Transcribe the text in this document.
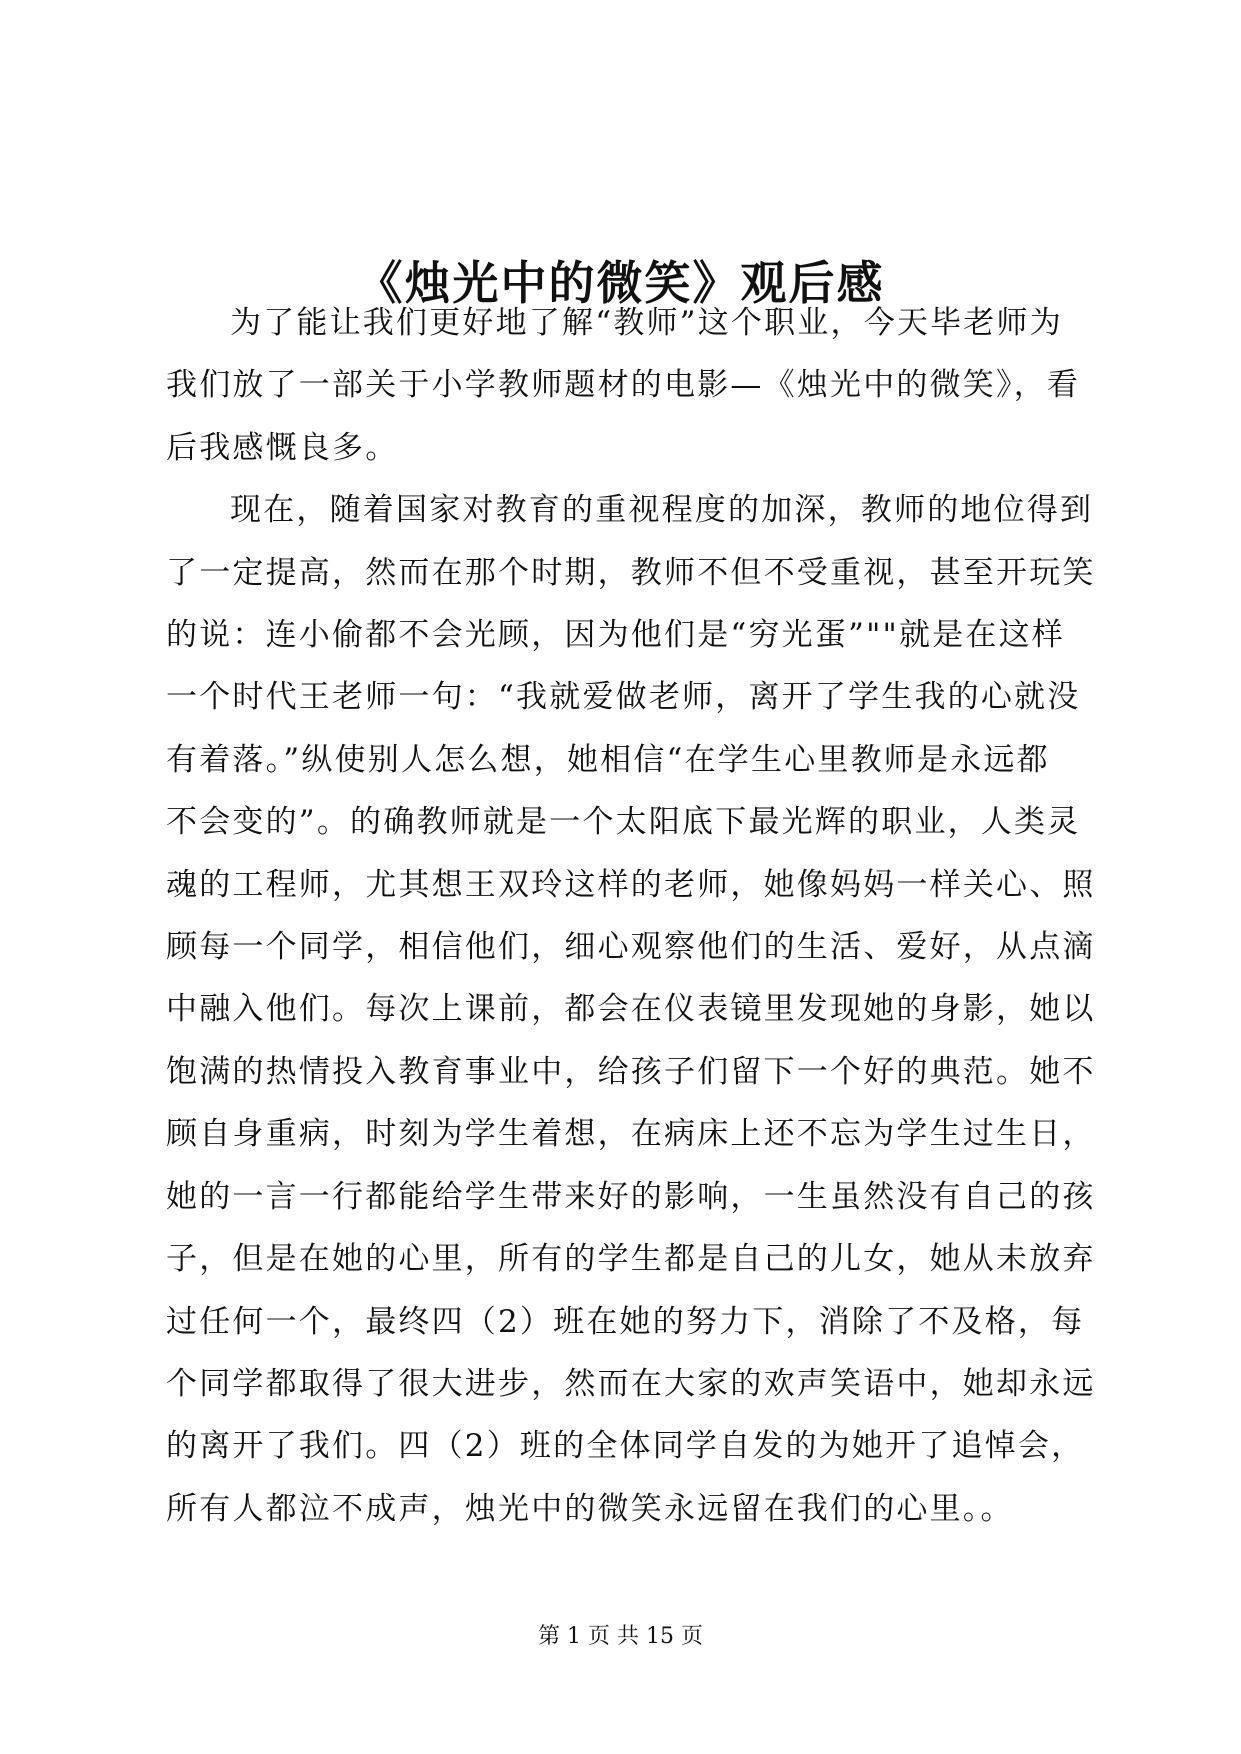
《烛光中的微笑》观后感

为了能让我们更好地了解“教师”这个职业，今天毕老师为
我们放了一部关于小学教师题材的电影—《烛光中的微笑》，看
后我感慨良多。

现在，随着国家对教育的重视程度的加深，教师的地位得到
了一定提高，然而在那个时期，教师不但不受重视，甚至开玩笑
的说：连小偷都不会光顾，因为他们是“穷光蛋”""就是在这样
一个时代王老师一句：“我就爱做老师，离开了学生我的心就没
有着落。”纵使别人怎么想，她相信“在学生心里教师是永远都
不会变的”。的确教师就是一个太阳底下最光辉的职业，人类灵
魂的工程师，尤其想王双玲这样的老师，她像妈妈一样关心、照
顾每一个同学，相信他们，细心观察他们的生活、爱好，从点滴
中融入他们。每次上课前，都会在仪表镜里发现她的身影，她以
饱满的热情投入教育事业中，给孩子们留下一个好的典范。她不
顾自身重病，时刻为学生着想，在病床上还不忘为学生过生日，
她的一言一行都能给学生带来好的影响，一生虽然没有自己的孩
子，但是在她的心里，所有的学生都是自己的儿女，她从未放弃
过任何一个，最终四（2）班在她的努力下，消除了不及格，每
个同学都取得了很大进步，然而在大家的欢声笑语中，她却永远
的离开了我们。四（2）班的全体同学自发的为她开了追悼会，
所有人都泣不成声，烛光中的微笑永远留在我们的心里。。

第 1 页 共 15 页
